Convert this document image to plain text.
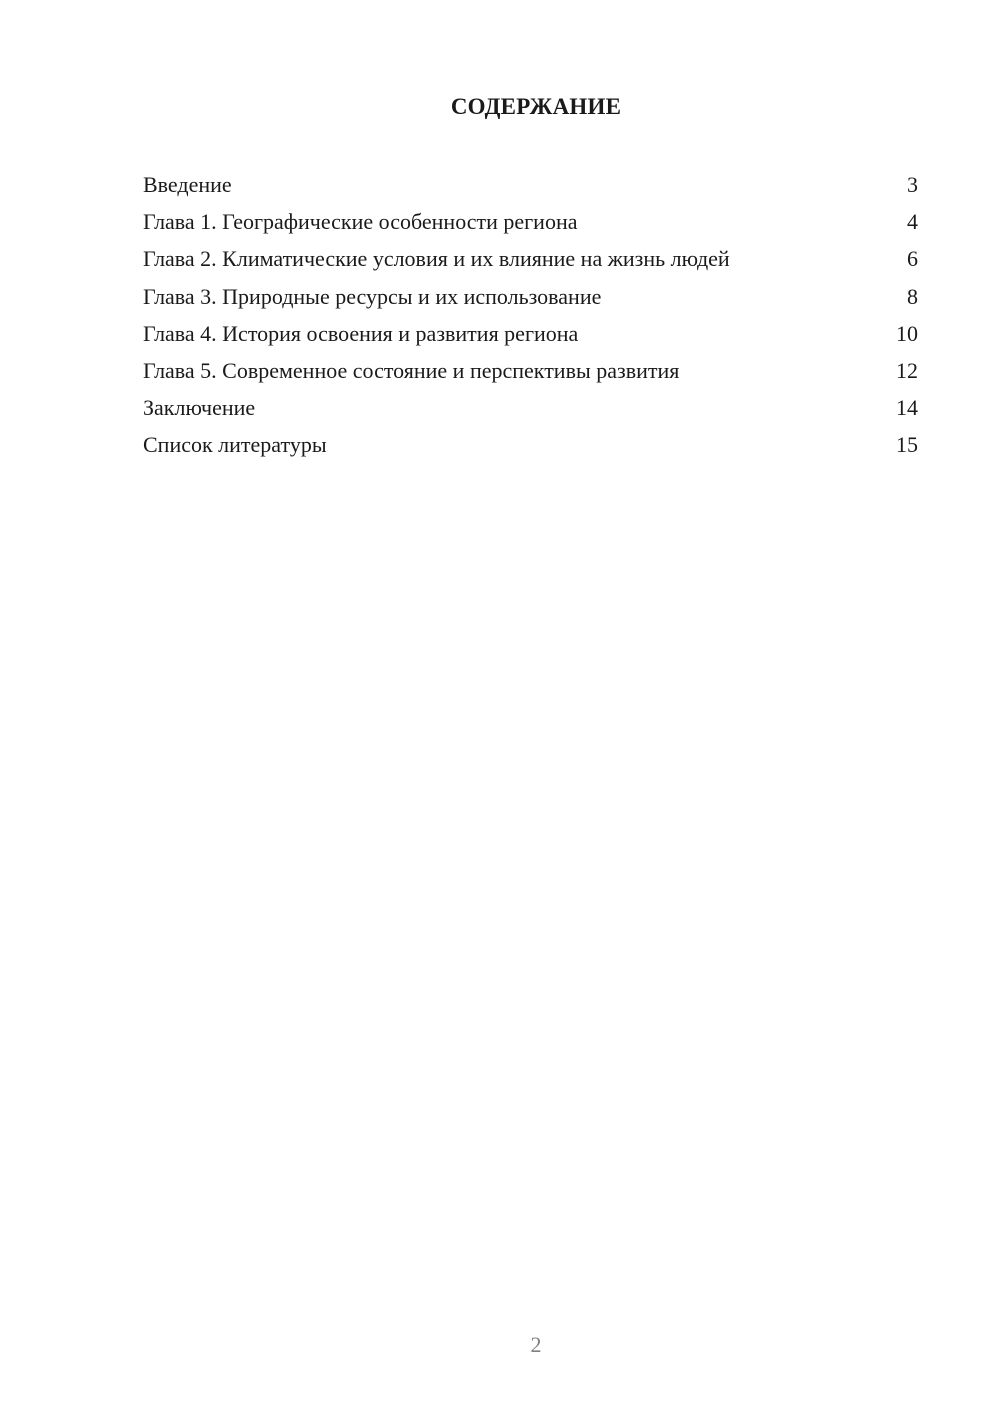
СОДЕРЖАНИЕ
Введение	3
Глава 1. Географические особенности региона	4
Глава 2. Климатические условия и их влияние на жизнь людей	6
Глава 3. Природные ресурсы и их использование	8
Глава 4. История освоения и развития региона	10
Глава 5. Современное состояние и перспективы развития	12
Заключение	14
Список литературы	15
2
